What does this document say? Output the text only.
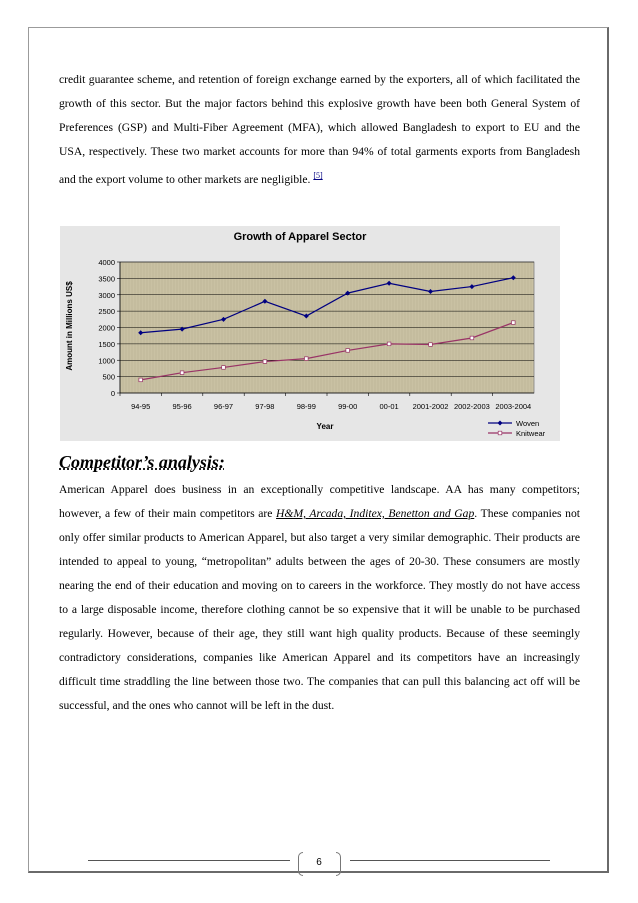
credit guarantee scheme, and retention of foreign exchange earned by the exporters, all of which facilitated the growth of this sector. But the major factors behind this explosive growth have been both General System of Preferences (GSP) and Multi-Fiber Agreement (MFA), which allowed Bangladesh to export to EU and the USA, respectively. These two market accounts for more than 94% of total garments exports from Bangladesh and the export volume to other markets are negligible. [5]

Growth of Apparel Sector
Amount in Millions US$
Year
0
500
1000
1500
2000
2500
3000
3500
4000
94-95	95-96	96-97	97-98	98-99	99-00	00-01 2001-2002 2002-2003 2003-2004
Woven
Knitwear
Competitor’s analysis:

American Apparel does business in an exceptionally competitive landscape. AA has many competitors; however, a few of their main competitors are H&M, Arcada, Inditex, Benetton and Gap. These companies not only offer similar products to American Apparel, but also target a very similar demographic. Their products are intended to appeal to young, “metropolitan” adults between the ages of 20-30. These consumers are mostly nearing the end of their education and moving on to careers in the workforce. They mostly do not have access to a large disposable income, therefore clothing cannot be so expensive that it will be unable to be purchased regularly. However, because of their age, they still want high quality products. Because of these seemingly contradictory considerations, companies like American Apparel and its competitors have an increasingly difficult time straddling the line between those two. The companies that can pull this balancing act off will be successful, and the ones who cannot will be left in the dust.

6
